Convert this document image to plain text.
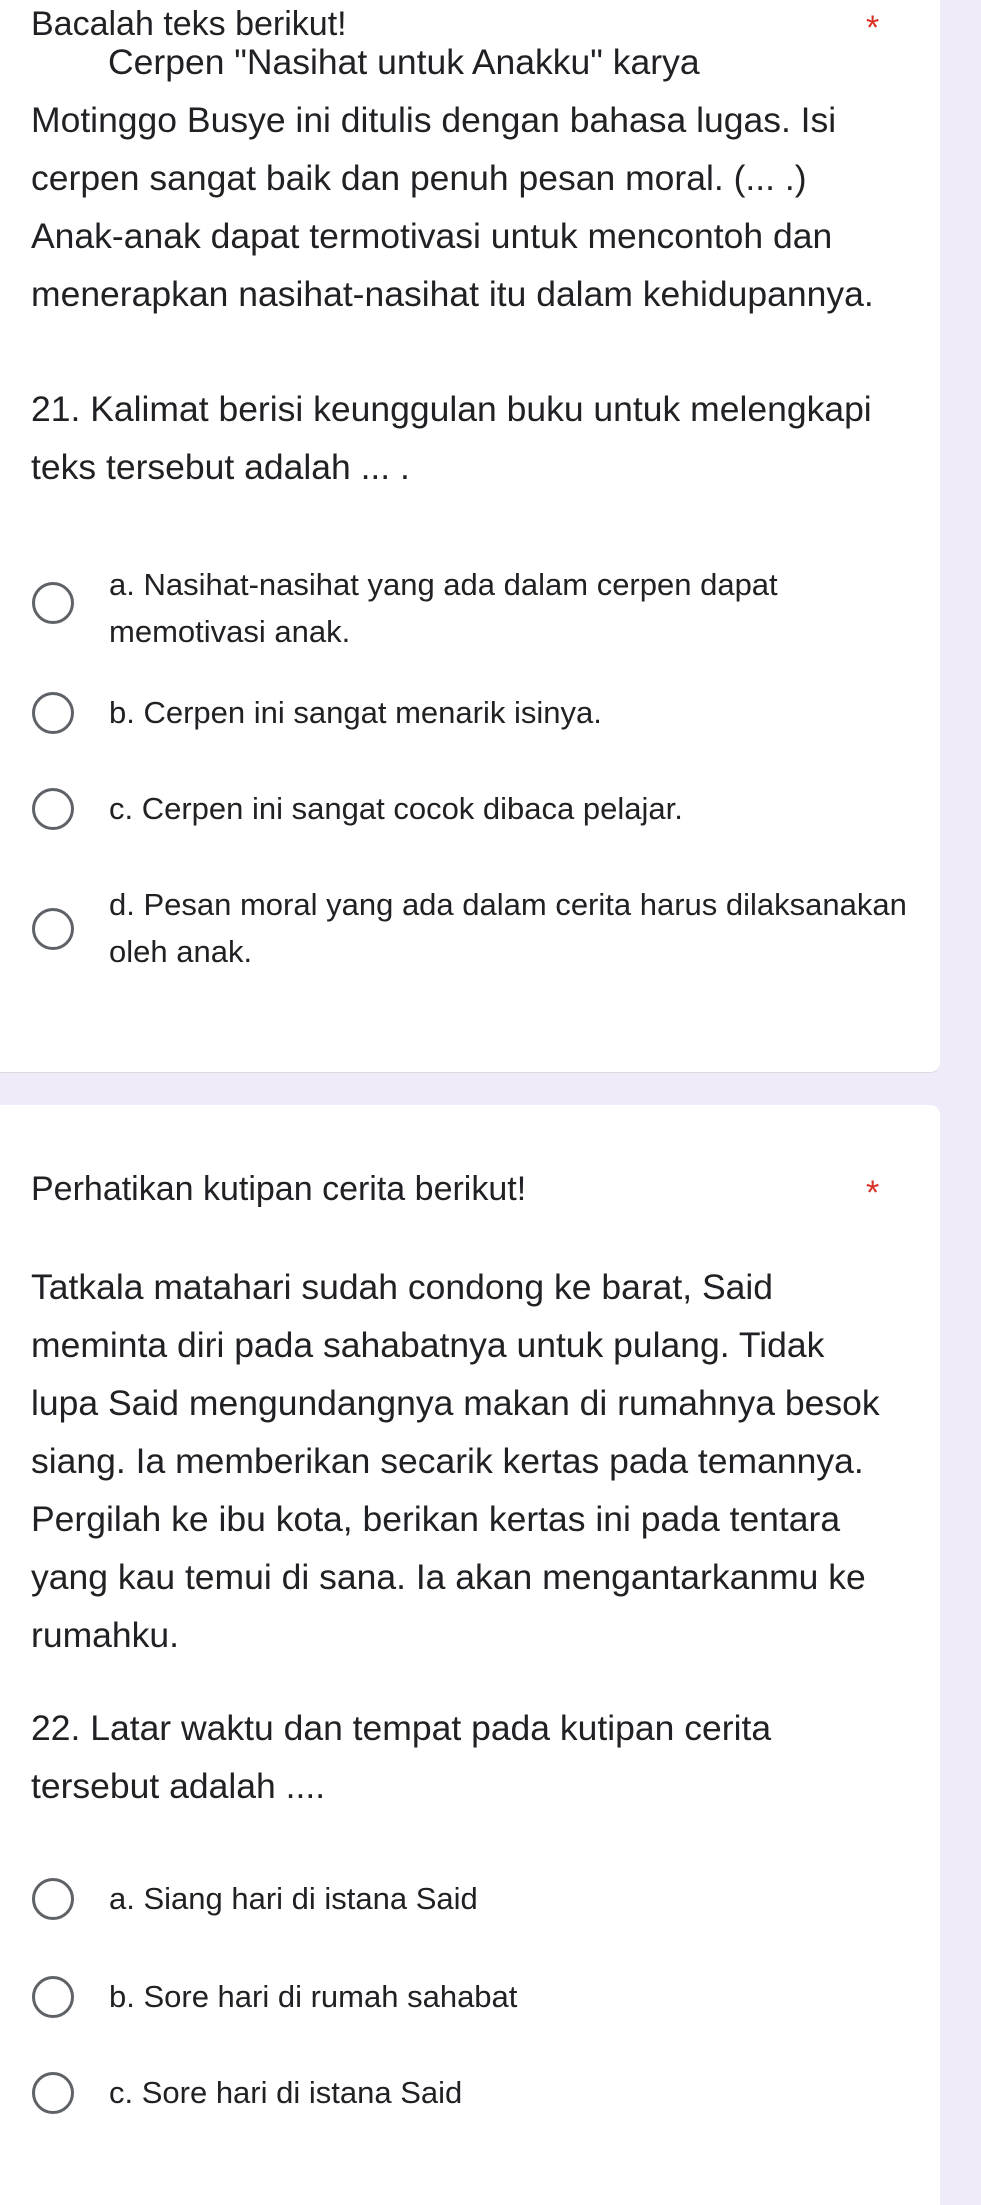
Bacalah teks berikut!	*

Cerpen "Nasihat untuk Anakku" karya
Motinggo Busye ini ditulis dengan bahasa lugas. Isi cerpen sangat baik dan penuh pesan moral. (... .) Anak-anak dapat termotivasi untuk mencontoh dan menerapkan nasihat-nasihat itu dalam kehidupannya.

21. Kalimat berisi keunggulan buku untuk melengkapi teks tersebut adalah ... .

a. Nasihat-nasihat yang ada dalam cerpen dapat memotivasi anak.
b. Cerpen ini sangat menarik isinya.
c. Cerpen ini sangat cocok dibaca pelajar.
d. Pesan moral yang ada dalam cerita harus dilaksanakan oleh anak.
Perhatikan kutipan cerita berikut!	*

Tatkala matahari sudah condong ke barat, Said meminta diri pada sahabatnya untuk pulang. Tidak lupa Said mengundangnya makan di rumahnya besok siang. Ia memberikan secarik kertas pada temannya. Pergilah ke ibu kota, berikan kertas ini pada tentara yang kau temui di sana. Ia akan mengantarkanmu ke rumahku.

22. Latar waktu dan tempat pada kutipan cerita tersebut adalah ....

a. Siang hari di istana Said
b. Sore hari di rumah sahabat
c. Sore hari di istana Said
